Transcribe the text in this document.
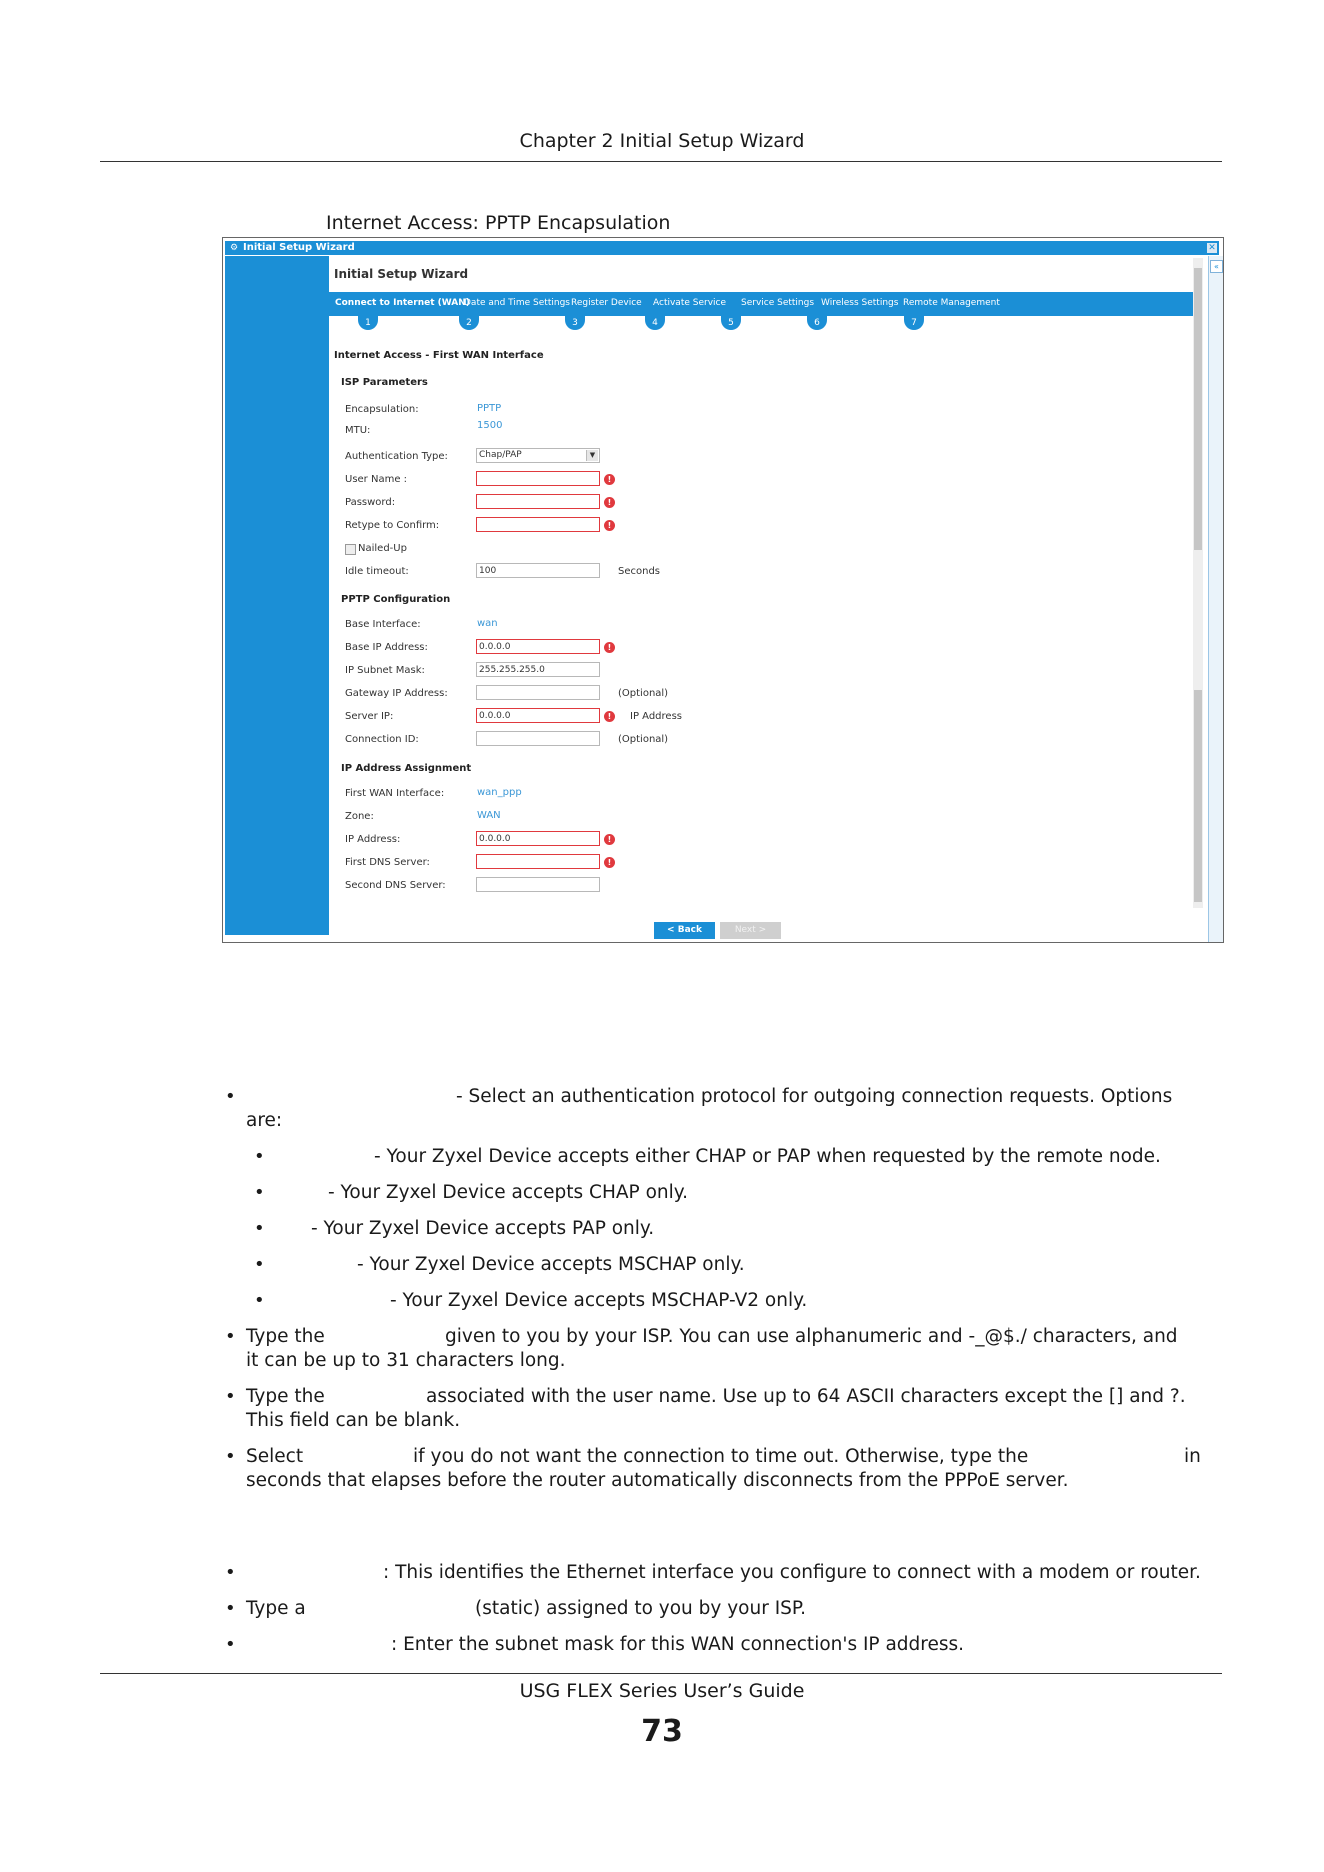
Chapter 2 Initial Setup Wizard
Internet Access: PPTP Encapsulation
⚙ Initial Setup Wizard	✕
«
Initial Setup Wizard
Connect to Internet (WAN)
Date and Time Settings Register Device Activate Service Service Settings Wireless Settings Remote Management
1	2	3	4	5	6	7
Internet Access - First WAN Interface
ISP Parameters
Encapsulation:	PPTP
MTU:	1500
Authentication Type:	Chap/PAP	▼
User Name :	!
Password:	!
Retype to Confirm:	!
Nailed-Up
Idle timeout:	100	Seconds
PPTP Configuration
Base Interface:	wan
Base IP Address:	0.0.0.0	!
IP Subnet Mask:	255.255.255.0
Gateway IP Address:	(Optional)
Server IP:	0.0.0.0	!	IP Address
Connection ID:	(Optional)
IP Address Assignment
First WAN Interface:	wan_ppp
Zone:	WAN
IP Address:	0.0.0.0	!
First DNS Server:	!
Second DNS Server:
< Back	Next >
•	- Select an authentication protocol for outgoing connection requests. Options
are:
•	- Your Zyxel Device accepts either CHAP or PAP when requested by the remote node.
•	- Your Zyxel Device accepts CHAP only.
•	- Your Zyxel Device accepts PAP only.
•	- Your Zyxel Device accepts MSCHAP only.
•	- Your Zyxel Device accepts MSCHAP-V2 only.
• Type the	given to you by your ISP. You can use alphanumeric and -_@$./ characters, and
it can be up to 31 characters long.
• Type the	associated with the user name. Use up to 64 ASCII characters except the [] and ?.
This field can be blank.
• Select	if you do not want the connection to time out. Otherwise, type the	in
seconds that elapses before the router automatically disconnects from the PPPoE server.
•	: This identifies the Ethernet interface you configure to connect with a modem or router.
• Type a	(static) assigned to you by your ISP.
•	: Enter the subnet mask for this WAN connection's IP address.
USG FLEX Series User’s Guide
73
